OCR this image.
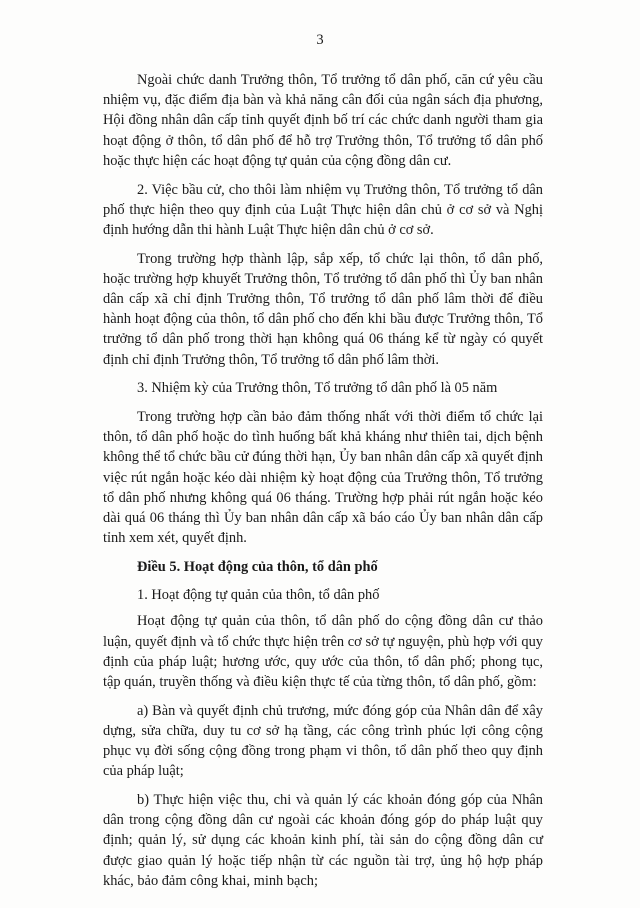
3

Ngoài chức danh Trưởng thôn, Tổ trưởng tổ dân phố, căn cứ yêu cầu nhiệm vụ, đặc điểm địa bàn và khả năng cân đối của ngân sách địa phương, Hội đồng nhân dân cấp tỉnh quyết định bố trí các chức danh người tham gia hoạt động ở thôn, tổ dân phố để hỗ trợ Trưởng thôn, Tổ trưởng tổ dân phố hoặc thực hiện các hoạt động tự quản của cộng đồng dân cư.

2. Việc bầu cử, cho thôi làm nhiệm vụ Trưởng thôn, Tổ trưởng tổ dân phố thực hiện theo quy định của Luật Thực hiện dân chủ ở cơ sở và Nghị định hướng dẫn thi hành Luật Thực hiện dân chủ ở cơ sở.

Trong trường hợp thành lập, sắp xếp, tổ chức lại thôn, tổ dân phố, hoặc trường hợp khuyết Trưởng thôn, Tổ trưởng tổ dân phố thì Ủy ban nhân dân cấp xã chỉ định Trưởng thôn, Tổ trưởng tổ dân phố lâm thời để điều hành hoạt động của thôn, tổ dân phố cho đến khi bầu được Trưởng thôn, Tổ trưởng tổ dân phố trong thời hạn không quá 06 tháng kể từ ngày có quyết định chỉ định Trưởng thôn, Tổ trưởng tổ dân phố lâm thời.

3. Nhiệm kỳ của Trưởng thôn, Tổ trưởng tổ dân phố là 05 năm

Trong trường hợp cần bảo đảm thống nhất với thời điểm tổ chức lại thôn, tổ dân phố hoặc do tình huống bất khả kháng như thiên tai, dịch bệnh không thể tổ chức bầu cử đúng thời hạn, Ủy ban nhân dân cấp xã quyết định việc rút ngắn hoặc kéo dài nhiệm kỳ hoạt động của Trưởng thôn, Tổ trưởng tổ dân phố nhưng không quá 06 tháng. Trường hợp phải rút ngắn hoặc kéo dài quá 06 tháng thì Ủy ban nhân dân cấp xã báo cáo Ủy ban nhân dân cấp tỉnh xem xét, quyết định.

Điều 5. Hoạt động của thôn, tổ dân phố

1. Hoạt động tự quản của thôn, tổ dân phố

Hoạt động tự quản của thôn, tổ dân phố do cộng đồng dân cư thảo luận, quyết định và tổ chức thực hiện trên cơ sở tự nguyện, phù hợp với quy định của pháp luật; hương ước, quy ước của thôn, tổ dân phố; phong tục, tập quán, truyền thống và điều kiện thực tế của từng thôn, tổ dân phố, gồm:

a) Bàn và quyết định chủ trương, mức đóng góp của Nhân dân để xây dựng, sửa chữa, duy tu cơ sở hạ tầng, các công trình phúc lợi công cộng phục vụ đời sống cộng đồng trong phạm vi thôn, tổ dân phố theo quy định của pháp luật;

b) Thực hiện việc thu, chi và quản lý các khoản đóng góp của Nhân dân trong cộng đồng dân cư ngoài các khoản đóng góp do pháp luật quy định; quản lý, sử dụng các khoản kinh phí, tài sản do cộng đồng dân cư được giao quản lý hoặc tiếp nhận từ các nguồn tài trợ, ủng hộ hợp pháp khác, bảo đảm công khai, minh bạch;
